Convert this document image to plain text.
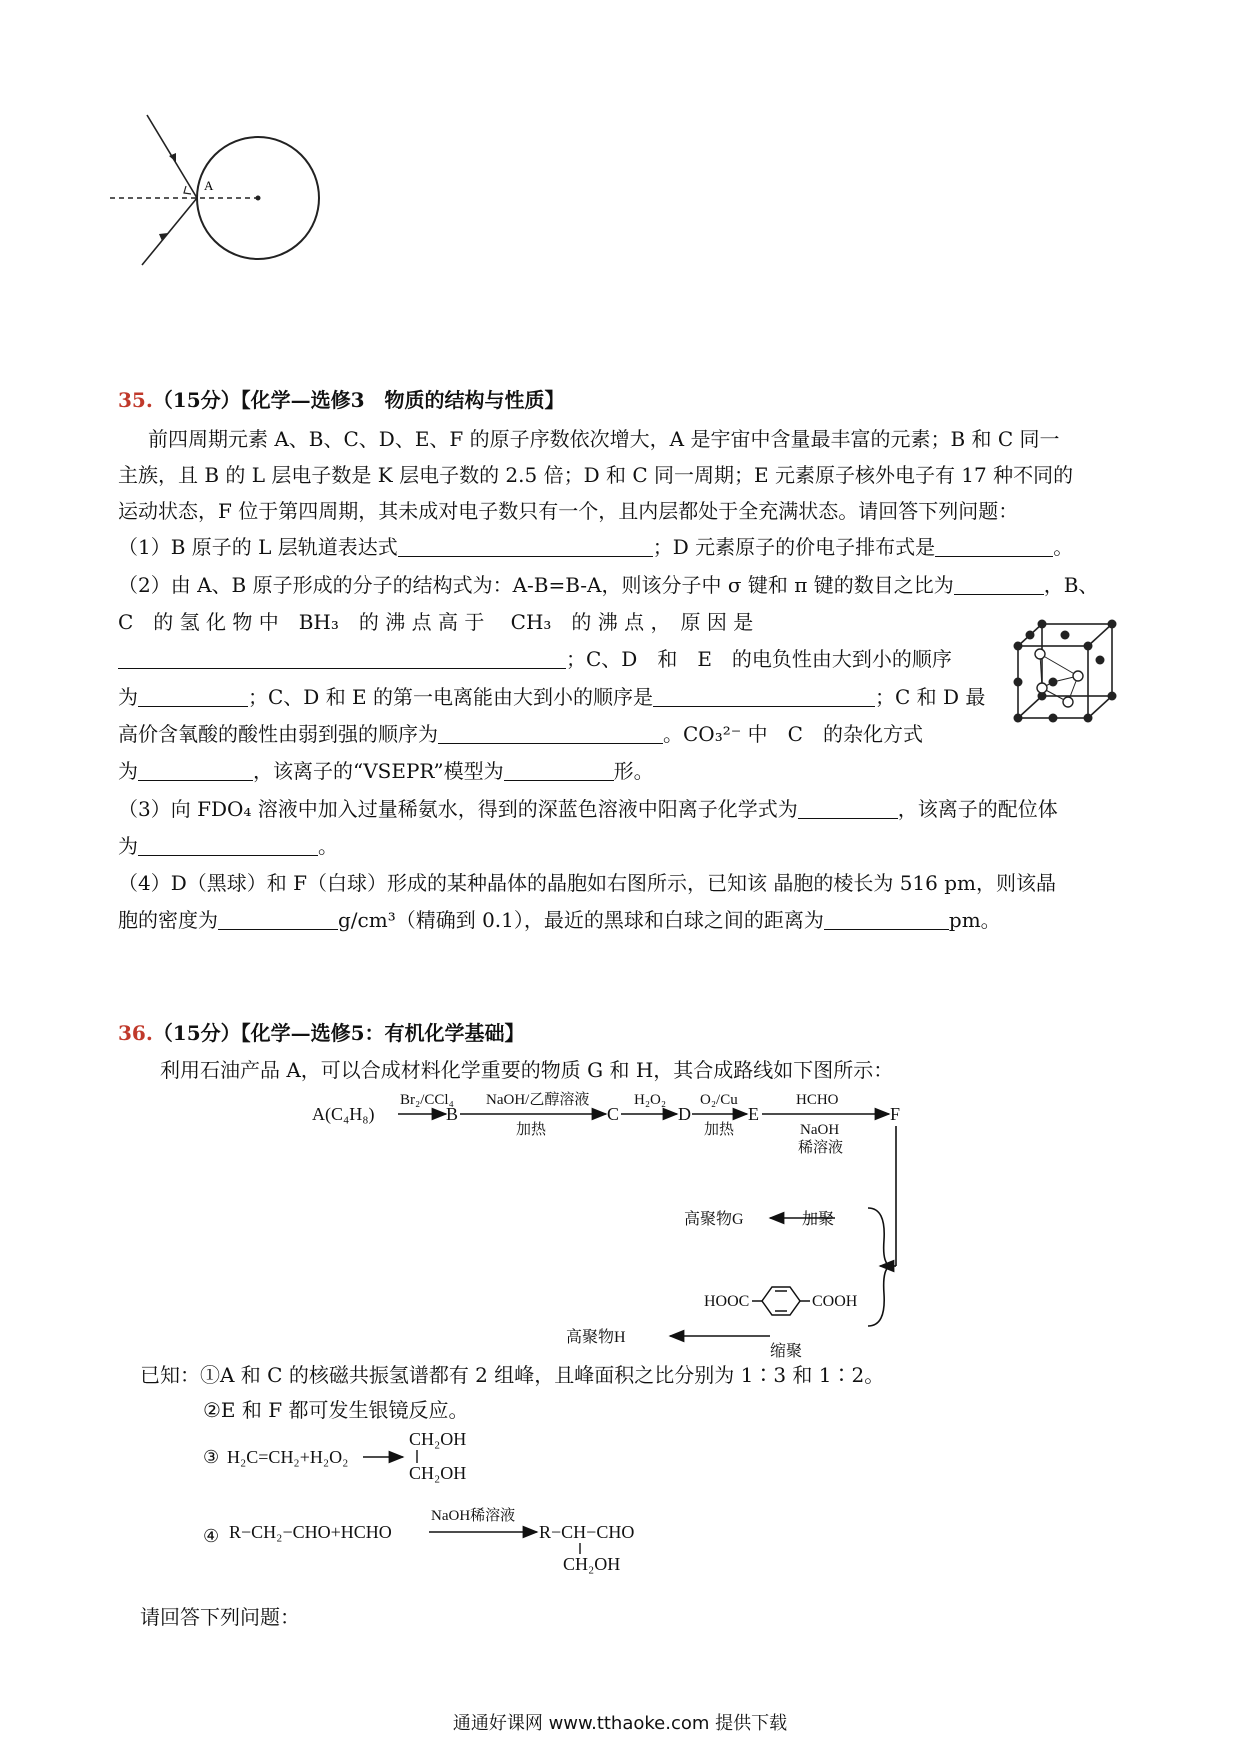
A
35.（15分）【化学—选修3　物质的结构与性质】
前四周期元素 A、B、C、D、E、F 的原子序数依次增大，A 是宇宙中含量最丰富的元素；B 和 C 同一
主族，且 B 的 L 层电子数是 K 层电子数的 2.5 倍；D 和 C 同一周期；E 元素原子核外电子有 17 种不同的
运动状态，F 位于第四周期，其未成对电子数只有一个，且内层都处于全充满状态。请回答下列问题：
（1）B 原子的 L 层轨道表达式	；D 元素原子的价电子排布式是	。
（2）由 A、B 原子形成的分子的结构式为：A-B=B-A，则该分子中 σ 键和 π 键的数目之比为	，B、
C　的 氢 化 物 中　BH₃　的 沸 点 高 于　 CH₃　的 沸 点 ，　原 因 是
；C、D　和　E　的电负性由大到小的顺序
为	；C、D 和 E 的第一电离能由大到小的顺序是	；C 和 D 最
高价含氧酸的酸性由弱到强的顺序为	。CO₃²⁻ 中　C　的杂化方式
为	，该离子的“VSEPR”模型为	形。
（3）向 FDO₄ 溶液中加入过量稀氨水，得到的深蓝色溶液中阳离子化学式为	，该离子的配位体
为	。
（4）D（黑球）和 F（白球）形成的某种晶体的晶胞如右图所示，已知该 晶胞的棱长为 516 pm，则该晶
胞的密度为	g/cm³（精确到 0.1），最近的黑球和白球之间的距离为	pm。
36.（15分）【化学—选修5：有机化学基础】
利用石油产品 A，可以合成材料化学重要的物质 G 和 H，其合成路线如下图所示：
A(C₄H₈)	B	C	D	E	F
Br₂/CCl₄ NaOH/乙醇溶液
加热
H₂O₂ O₂/Cu
加热
HCHO
NaOH
稀溶液
高聚物G	加聚
HOOC	COOH
高聚物H
缩聚
已知：①A 和 C 的核磁共振氢谱都有 2 组峰，且峰面积之比分别为 1∶3 和 1∶2。
②E 和 F 都可发生银镜反应。
③ H₂C=CH₂+H₂O₂
CH₂OH
CH₂OH
④ R−CH₂−CHO+HCHO	R−CH−CHO
CH₂OH
NaOH稀溶液
请回答下列问题：
通通好课网 www.tthaoke.com 提供下载
